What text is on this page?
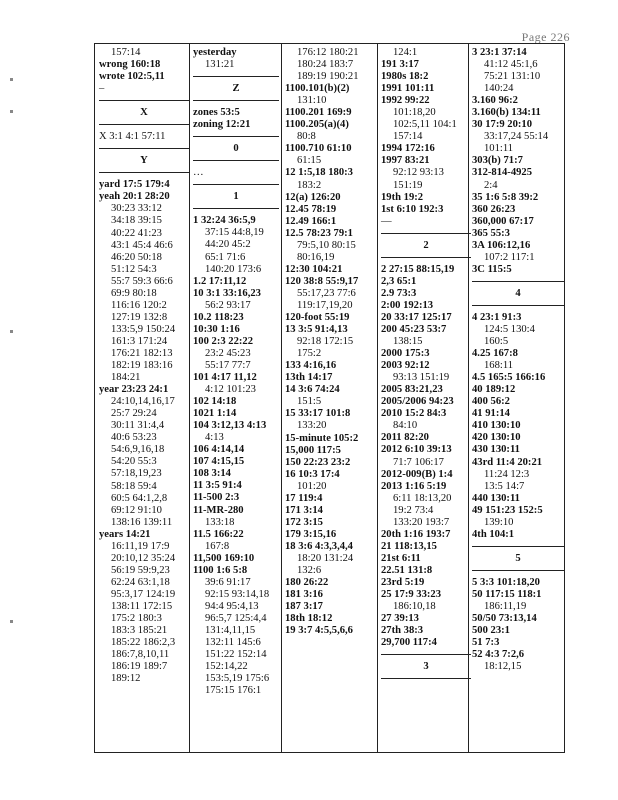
Page 226
157:14
wrong 160:18
wrote 102:5,11
–
X
X 3:1 4:1 57:11
Y
yard 17:5 179:4
yeah 20:1 28:20
30:23 33:12
34:18 39:15
40:22 41:23
43:1 45:4 46:6
46:20 50:18
51:12 54:3
55:7 59:3 66:6
69:9 80:18
116:16 120:2
127:19 132:8
133:5,9 150:24
161:3 171:24
176:21 182:13
182:19 183:16
184:21
year 23:23 24:1
24:10,14,16,17
25:7 29:24
30:11 31:4,4
40:6 53:23
54:6,9,16,18
54:20 55:3
57:18,19,23
58:18 59:4
60:5 64:1,2,8
69:12 91:10
138:16 139:11
years 14:21
16:11,19 17:9
20:10,12 35:24
56:19 59:9,23
62:24 63:1,18
95:3,17 124:19
138:11 172:15
175:2 180:3
183:3 185:21
185:22 186:2,3
186:7,8,10,11
186:19 189:7
189:12
yesterday
131:21
Z
zones 53:5
zoning 12:21
0
…
1
1 32:24 36:5,9
37:15 44:8,19
44:20 45:2
65:1 71:6
140:20 173:6
1.2 17:11,12
10 3:1 33:16,23
56:2 93:17
10.2 118:23
10:30 1:16
100 2:3 22:22
23:2 45:23
55:17 77:7
101 4:17 11,12
4:12 101:23
102 14:18
1021 1:14
104 3:12,13 4:13
4:13
106 4:14,14
107 4:15,15
108 3:14
11 3:5 91:4
11-500 2:3
11-MR-280
133:18
11.5 166:22
167:8
11,500 169:10
1100 1:6 5:8
39:6 91:17
92:15 93:14,18
94:4 95:4,13
96:5,7 125:4,4
131:4,11,15
132:11 145:6
151:22 152:14
152:14,22
153:5,19 175:6
175:15 176:1
176:12 180:21
180:24 183:7
189:19 190:21
1100.101(b)(2)
131:10
1100.201 169:9
1100.205(a)(4)
80:8
1100.710 61:10
61:15
12 1:5,18 180:3
183:2
12(a) 126:20
12.45 78:19
12.49 166:1
12.5 78:23 79:1
79:5,10 80:15
80:16,19
12:30 104:21
120 38:8 55:9,17
55:17,23 77:6
119:17,19,20
120-foot 55:19
13 3:5 91:4,13
92:18 172:15
175:2
133 4:16,16
13th 14:17
14 3:6 74:24
151:5
15 33:17 101:8
133:20
15-minute 105:2
15,000 117:5
150 22:23 23:2
16 10:3 17:4
101:20
17 119:4
171 3:14
172 3:15
179 3:15,16
18 3:6 4:3,3,4,4
18:20 131:24
132:6
180 26:22
181 3:16
187 3:17
18th 18:12
19 3:7 4:5,5,6,6
124:1
191 3:17
1980s 18:2
1991 101:11
1992 99:22
101:18,20
102:5,11 104:1
157:14
1994 172:16
1997 83:21
92:12 93:13
151:19
19th 19:2
1st 6:10 192:3
—
2
2 27:15 88:15,19
2,3 65:1
2.9 73:3
2:00 192:13
20 33:17 125:17
200 45:23 53:7
138:15
2000 175:3
2003 92:12
93:13 151:19
2005 83:21,23
2005/2006 94:23
2010 15:2 84:3
84:10
2011 82:20
2012 6:10 39:13
71:7 106:17
2012-009(B) 1:4
2013 1:16 5:19
6:11 18:13,20
19:2 73:4
133:20 193:7
20th 1:16 193:7
21 118:13,15
21st 6:11
22.51 131:8
23rd 5:19
25 17:9 33:23
186:10,18
27 39:13
27th 38:3
29,700 117:4
3
3 23:1 37:14
41:12 45:1,6
75:21 131:10
140:24
3.160 96:2
3.160(b) 134:11
30 17:9 20:10
33:17,24 55:14
101:11
303(b) 71:7
312-814-4925
2:4
35 1:6 5:8 39:2
360 26:23
360,000 67:17
365 55:3
3A 106:12,16
107:2 117:1
3C 115:5
4
4 23:1 91:3
124:5 130:4
160:5
4.25 167:8
168:11
4.5 165:5 166:16
40 189:12
400 56:2
41 91:14
410 130:10
420 130:10
430 130:11
43rd 11:4 20:21
11:24 12:3
13:5 14:7
440 130:11
49 151:23 152:5
139:10
4th 104:1
5
5 3:3 101:18,20
50 117:15 118:1
186:11,19
50/50 73:13,14
500 23:1
51 7:3
52 4:3 7:2,6
18:12,15
